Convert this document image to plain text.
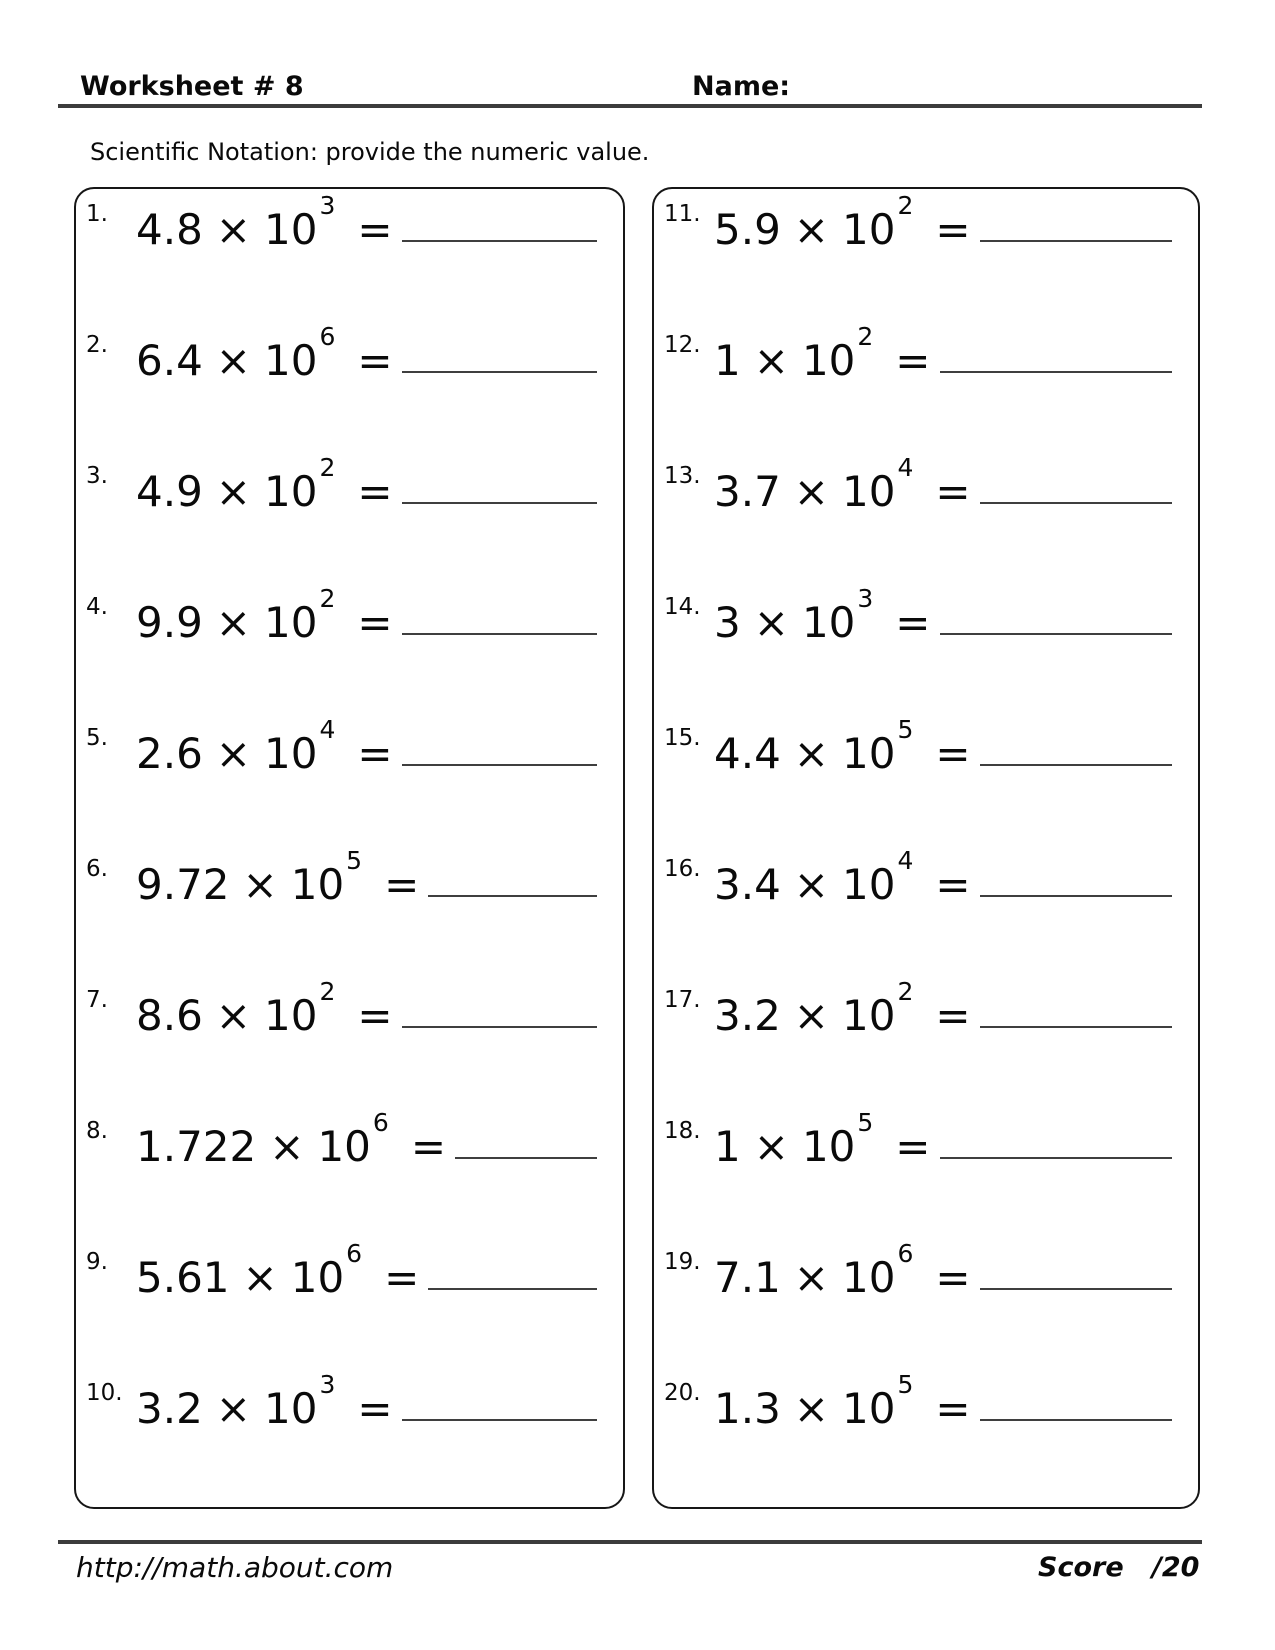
Worksheet # 8	Name:
Scientific Notation: provide the numeric value.
1. $4.8 \times 10^3$ =
2. $6.4 \times 10^6$ =
3. $4.9 \times 10^2$ =
4. $9.9 \times 10^2$ =
5. $2.6 \times 10^4$ =
6. $9.72 \times 10^5$ =
7. $8.6 \times 10^2$ =
8. $1.722 \times 10^6$ =
9. $5.61 \times 10^6$ =
10. $3.2 \times 10^3$ =
11. $5.9 \times 10^2$ =
12. $1 \times 10^2$ =
13. $3.7 \times 10^4$ =
14. $3 \times 10^3$ =
15. $4.4 \times 10^5$ =
16. $3.4 \times 10^4$ =
17. $3.2 \times 10^2$ =
18. $1 \times 10^5$ =
19. $7.1 \times 10^6$ =
20. $1.3 \times 10^5$ =
http://math.about.com	Score /20
